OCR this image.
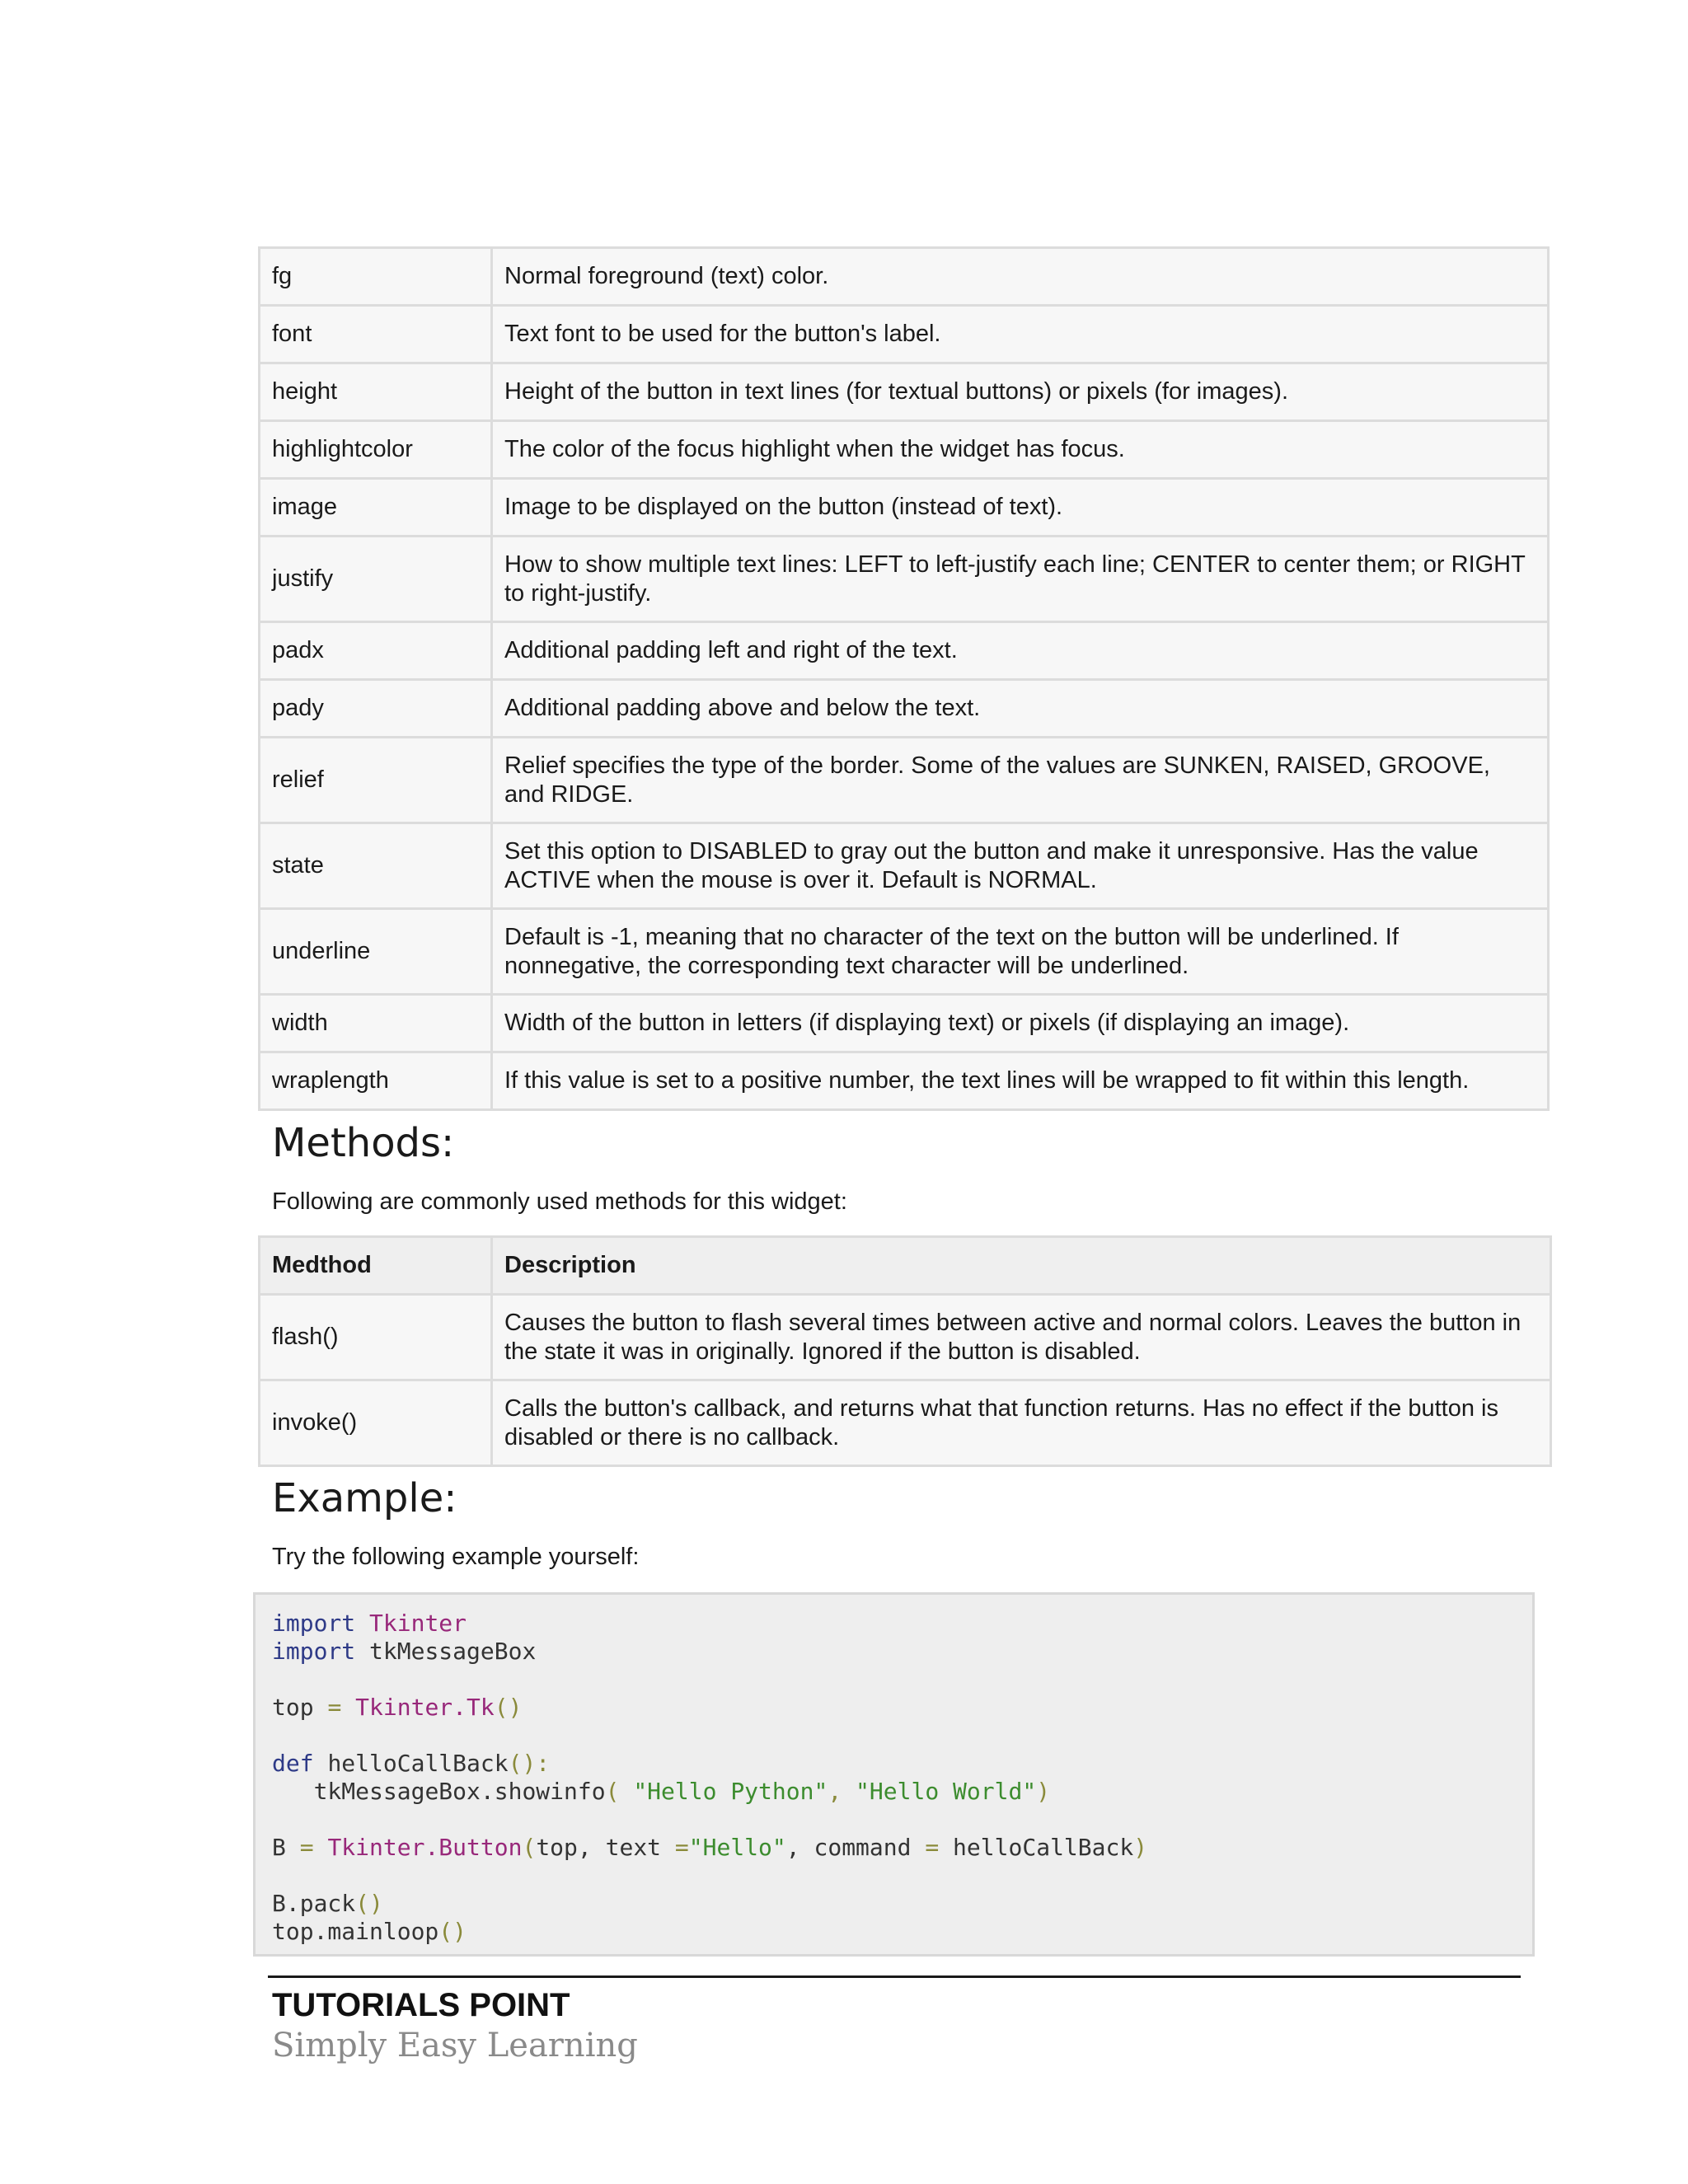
fg	Normal foreground (text) color.
font	Text font to be used for the button's label.
height	Height of the button in text lines (for textual buttons) or pixels (for images).
highlightcolor	The color of the focus highlight when the widget has focus.
image	Image to be displayed on the button (instead of text).
justify	How to show multiple text lines: LEFT to left-justify each line; CENTER to center them; or RIGHT to right-justify.
padx	Additional padding left and right of the text.
pady	Additional padding above and below the text.
relief	Relief specifies the type of the border. Some of the values are SUNKEN, RAISED, GROOVE, and RIDGE.
state	Set this option to DISABLED to gray out the button and make it unresponsive. Has the value ACTIVE when the mouse is over it. Default is NORMAL.
underline	Default is -1, meaning that no character of the text on the button will be underlined. If nonnegative, the corresponding text character will be underlined.
width	Width of the button in letters (if displaying text) or pixels (if displaying an image).
wraplength	If this value is set to a positive number, the text lines will be wrapped to fit within this length.
Methods:
Following are commonly used methods for this widget:
Medthod	Description
flash()	Causes the button to flash several times between active and normal colors. Leaves the button in the state it was in originally. Ignored if the button is disabled.
invoke()	Calls the button's callback, and returns what that function returns. Has no effect if the button is disabled or there is no callback.
Example:
Try the following example yourself:
import Tkinter
import tkMessageBox

top = Tkinter.Tk()

def helloCallBack():
tkMessageBox.showinfo( "Hello Python", "Hello World")

B = Tkinter.Button(top, text ="Hello", command = helloCallBack)

B.pack()
top.mainloop()
TUTORIALS POINT
Simply Easy Learning
